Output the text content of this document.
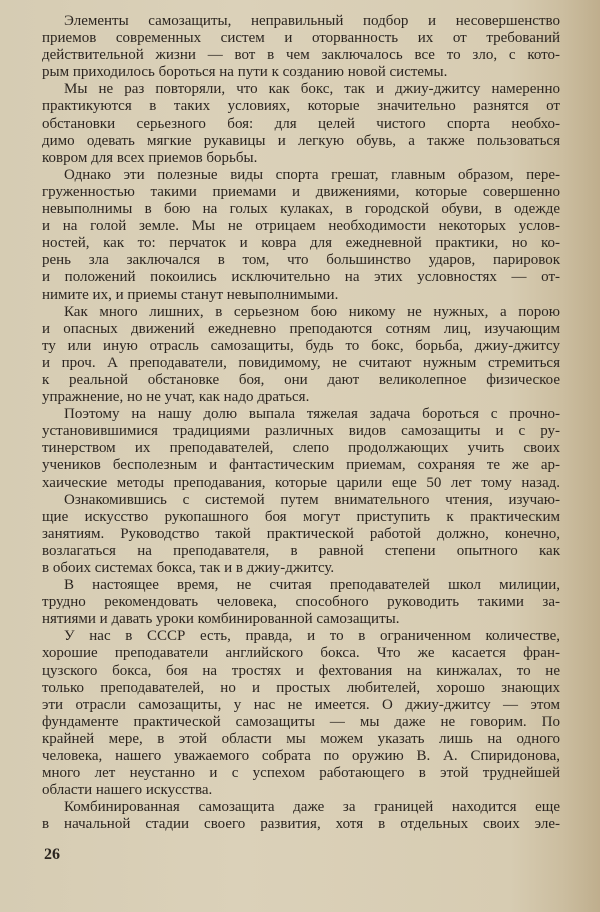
Элементы самозащиты, неправильный подбор и несовершенство
приемов современных систем и оторванность их от требований
действительной жизни — вот в чем заключалось все то зло, с кото-
рым приходилось бороться на пути к созданию новой системы.
Мы не раз повторяли, что как бокс, так и джиу-джитсу намеренно
практикуются в таких условиях, которые значительно разнятся от
обстановки серьезного боя: для целей чистого спорта необхо-
димо одевать мягкие рукавицы и легкую обувь, а также пользоваться
ковром для всех приемов борьбы.
Однако эти полезные виды спорта грешат, главным образом, пере-
груженностью такими приемами и движениями, которые совершенно
невыполнимы в бою на голых кулаках, в городской обуви, в одежде
и на голой земле. Мы не отрицаем необходимости некоторых услов-
ностей, как то: перчаток и ковра для ежедневной практики, но ко-
рень зла заключался в том, что большинство ударов, парировок
и положений покоились исключительно на этих условностях — от-
нимите их, и приемы станут невыполнимыми.
Как много лишних, в серьезном бою никому не нужных, а порою
и опасных движений ежедневно преподаются сотням лиц, изучающим
ту или иную отрасль самозащиты, будь то бокс, борьба, джиу-джитсу
и проч. А преподаватели, повидимому, не считают нужным стремиться
к реальной обстановке боя, они дают великолепное физическое
упражнение, но не учат, как надо драться.
Поэтому на нашу долю выпала тяжелая задача бороться с прочно-
установившимися традициями различных видов самозащиты и с ру-
тинерством их преподавателей, слепо продолжающих учить своих
учеников бесполезным и фантастическим приемам, сохраняя те же ар-
хаические методы преподавания, которые царили еще 50 лет тому назад.
Ознакомившись с системой путем внимательного чтения, изучаю-
щие искусство рукопашного боя могут приступить к практическим
занятиям. Руководство такой практической работой должно, конечно,
возлагаться на преподавателя, в равной степени опытного как
в обоих системах бокса, так и в джиу-джитсу.
В настоящее время, не считая преподавателей школ милиции,
трудно рекомендовать человека, способного руководить такими за-
нятиями и давать уроки комбинированной самозащиты.
У нас в СССР есть, правда, и то в ограниченном количестве,
хорошие преподаватели английского бокса. Что же касается фран-
цузского бокса, боя на тростях и фехтования на кинжалах, то не
только преподавателей, но и простых любителей, хорошо знающих
эти отрасли самозащиты, у нас не имеется. О джиу-джитсу — этом
фундаменте практической самозащиты — мы даже не говорим. По
крайней мере, в этой области мы можем указать лишь на одного
человека, нашего уважаемого собрата по оружию В. А. Спиридонова,
много лет неустанно и с успехом работающего в этой труднейшей
области нашего искусства.
Комбинированная самозащита даже за границей находится еще
в начальной стадии своего развития, хотя в отдельных своих эле-
26
